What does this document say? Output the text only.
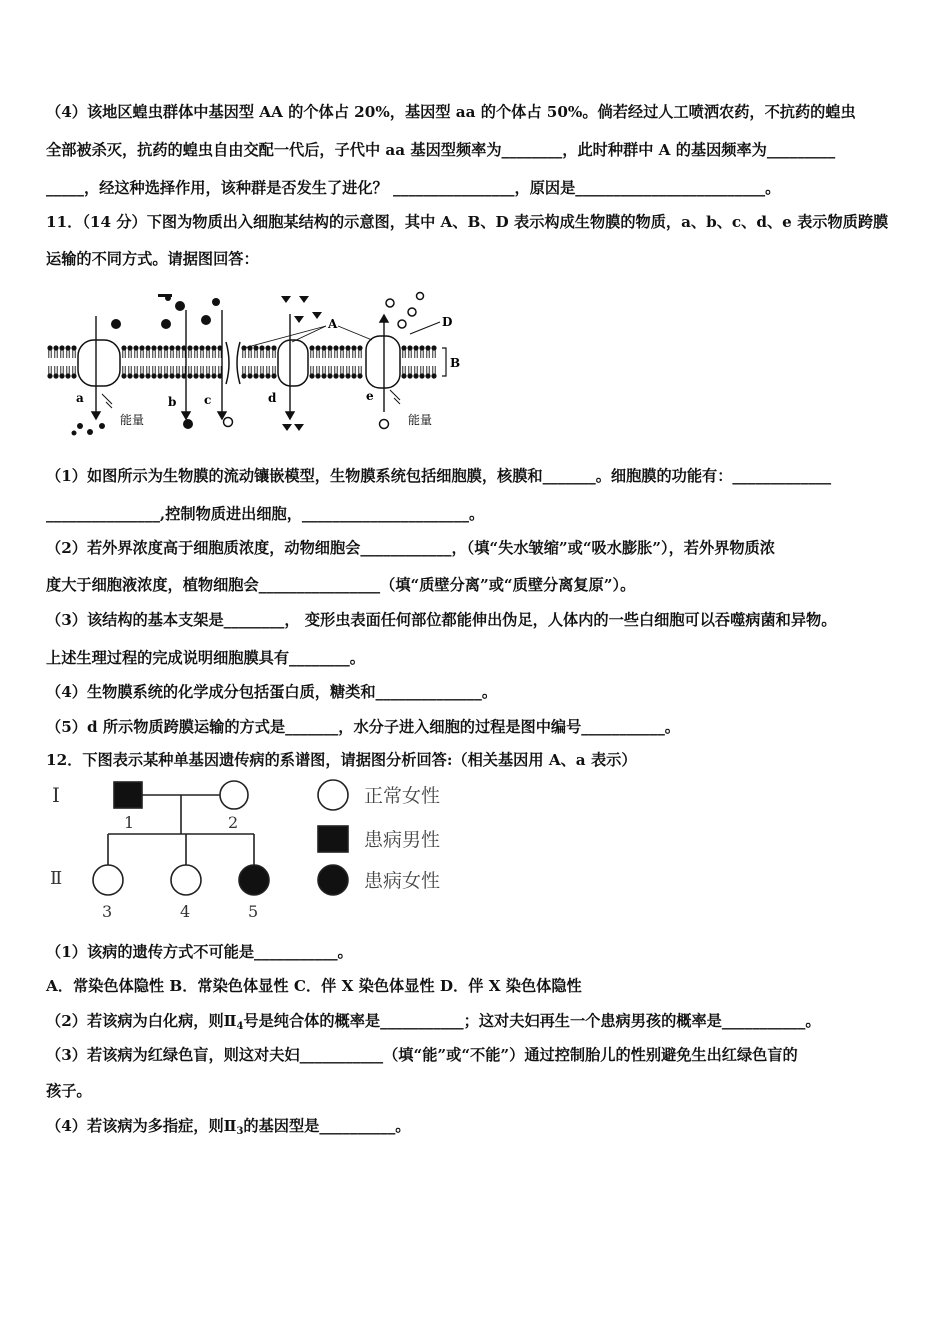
（4）该地区蝗虫群体中基因型 AA 的个体占 20%，基因型 aa 的个体占 50%。倘若经过人工喷洒农药，不抗药的蝗虫
全部被杀灭，抗药的蝗虫自由交配一代后，子代中 aa 基因型频率为________，此时种群中 A 的基因频率为_________
_____，经这种选择作用，该种群是否发生了进化？ ________________，原因是_________________________。
11．（14 分）下图为物质出入细胞某结构的示意图，其中 A、B、D 表示构成生物膜的物质，a、b、c、d、e 表示物质跨膜
运输的不同方式。请据图回答：
B
A	D
a	b c	d	e
能量	能量
（1）如图所示为生物膜的流动镶嵌模型，生物膜系统包括细胞膜，核膜和_______。细胞膜的功能有：_____________
_______________,控制物质进出细胞，______________________。
（2）若外界浓度高于细胞质浓度，动物细胞会____________，（填“失水皱缩”或“吸水膨胀”），若外界物质浓
度大于细胞液浓度，植物细胞会________________（填“质壁分离”或“质壁分离复原”）。
（3）该结构的基本支架是________， 变形虫表面任何部位都能伸出伪足，人体内的一些白细胞可以吞噬病菌和异物。
上述生理过程的完成说明细胞膜具有________。
（4）生物膜系统的化学成分包括蛋白质，糖类和______________。
（5）d 所示物质跨膜运输的方式是_______，水分子进入细胞的过程是图中编号___________。
12．下图表示某种单基因遗传病的系谱图，请据图分析回答:（相关基因用 A、a 表示）
I
Ⅱ
1	2
3	4	5
正常女性
患病男性
患病女性
（1）该病的遗传方式不可能是___________。
A．常染色体隐性 B．常染色体显性 C．伴 X 染色体显性 D．伴 X 染色体隐性
（2）若该病为白化病，则$Ⅱ_4$号是纯合体的概率是___________；这对夫妇再生一个患病男孩的概率是___________。
（3）若该病为红绿色盲，则这对夫妇___________（填“能”或“不能”）通过控制胎儿的性别避免生出红绿色盲的
孩子。
（4）若该病为多指症，则$Ⅱ_3$的基因型是__________。
